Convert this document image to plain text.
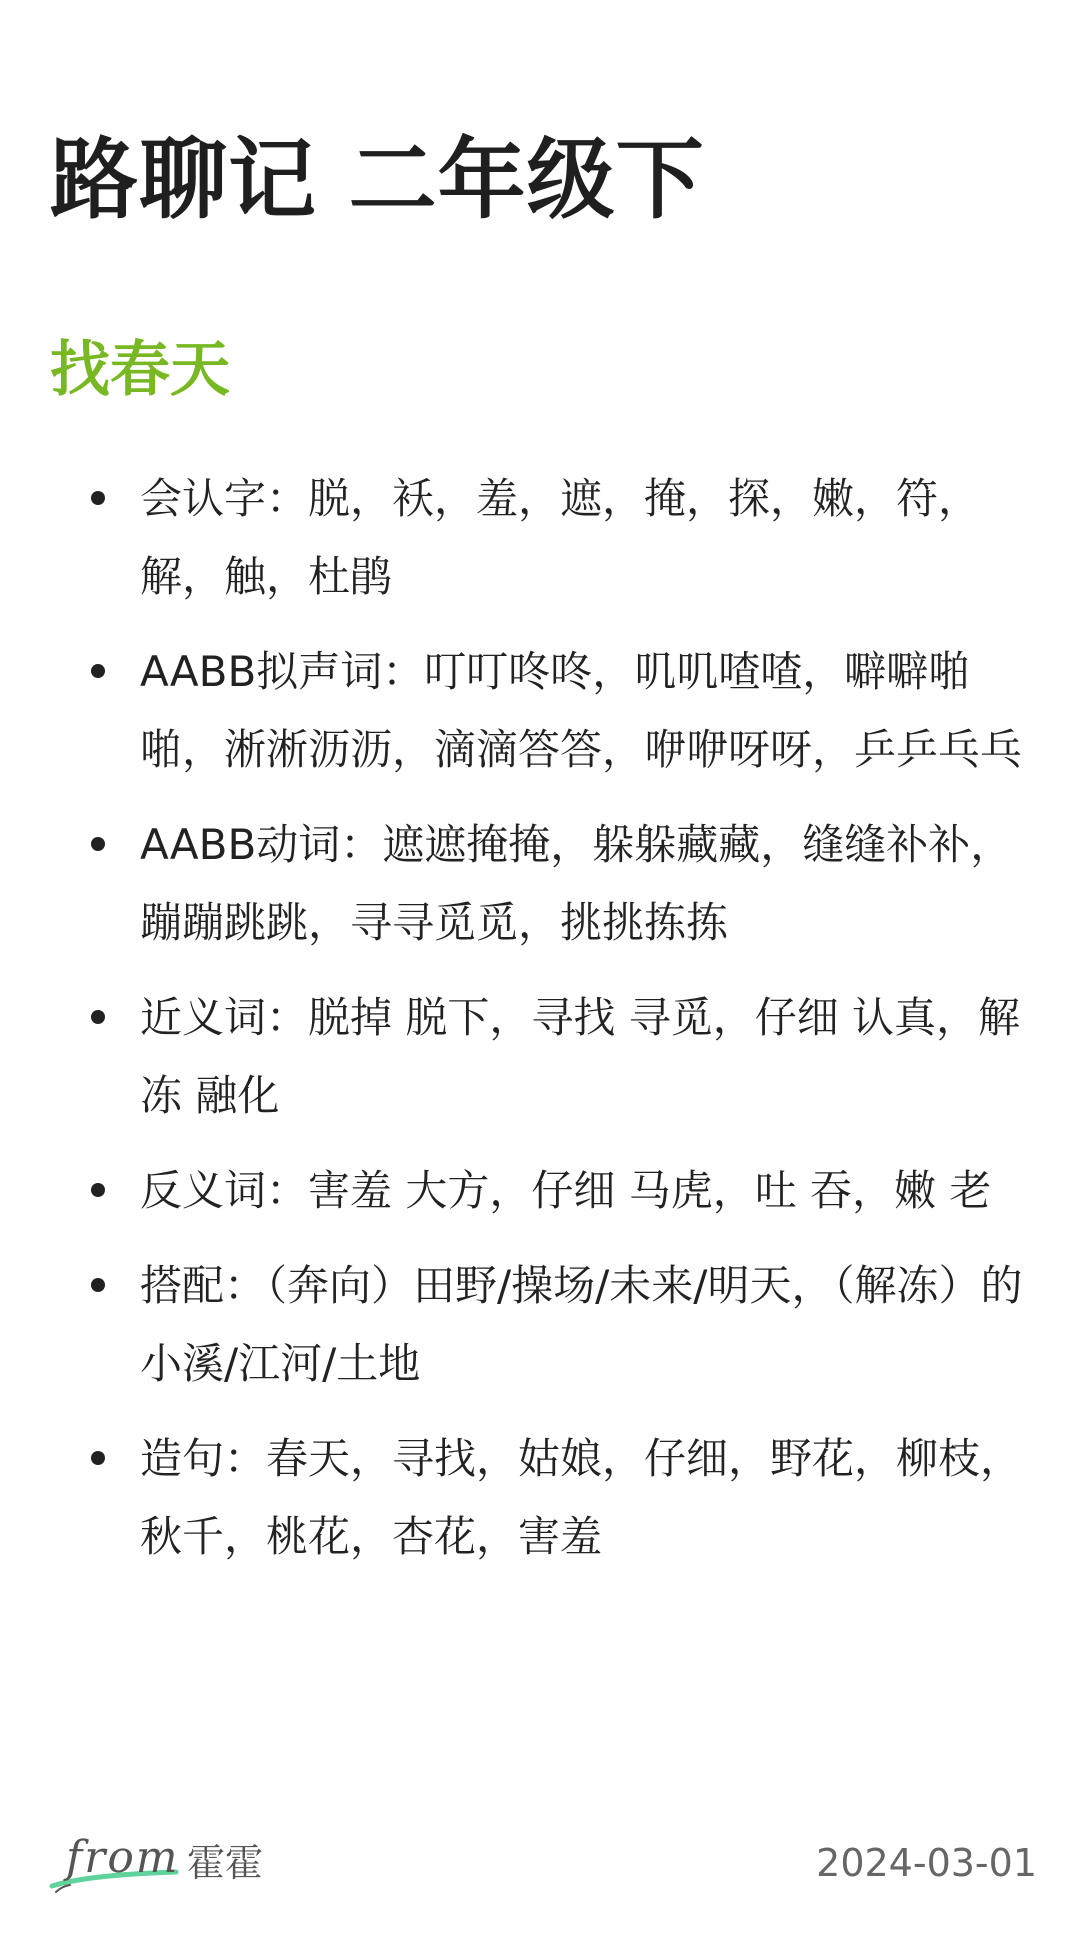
路聊记 二年级下
找春天
会认字：脱，袄，羞，遮，掩，探，嫩，符，解，触，杜鹃
AABB拟声词：叮叮咚咚，叽叽喳喳，噼噼啪啪，淅淅沥沥，滴滴答答，咿咿呀呀，乒乒乓乓
AABB动词：遮遮掩掩，躲躲藏藏，缝缝补补，蹦蹦跳跳，寻寻觅觅，挑挑拣拣
近义词：脱掉 脱下，寻找 寻觅，仔细 认真，解冻 融化
反义词：害羞 大方，仔细 马虎，吐 吞，嫩 老
搭配：（奔向）田野/操场/未来/明天，（解冻）的小溪/江河/土地
造句：春天，寻找，姑娘，仔细，野花，柳枝，秋千，桃花，杏花，害羞
from 霍霍	2024-03-01
